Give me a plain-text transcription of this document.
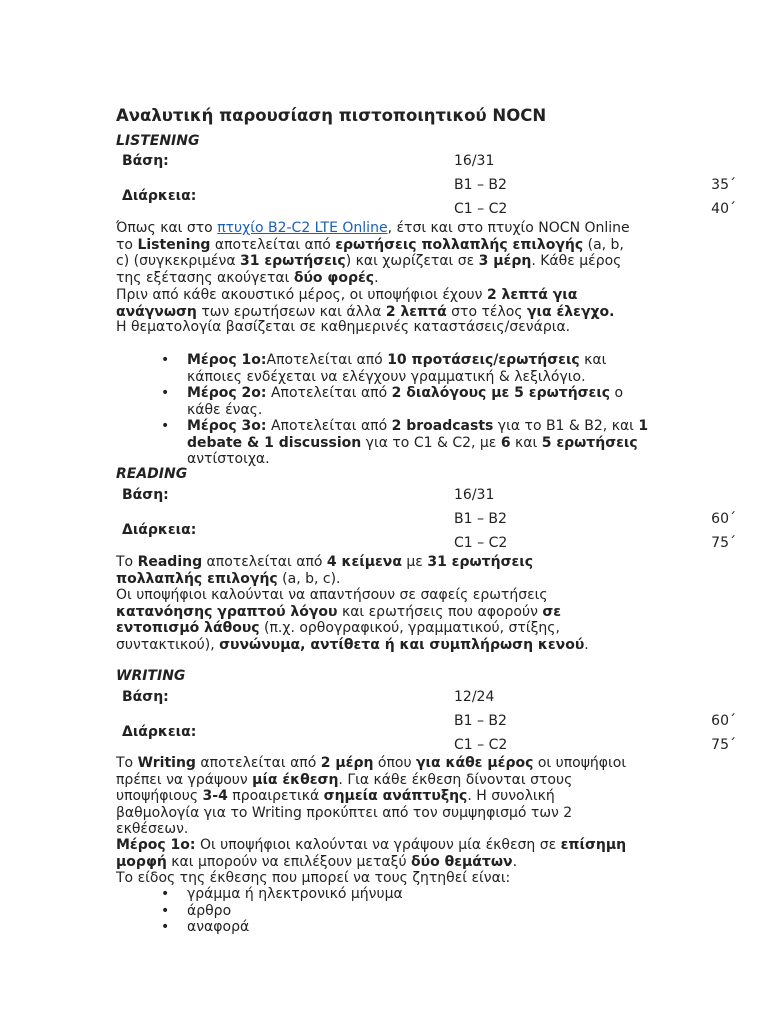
Αναλυτική παρουσίαση πιστοποιητικού NOCN
LISTENING
Βάση:	16/31
Διάρκεια:
B1 – B2	35΄
C1 – C2	40΄

Όπως και στο πτυχίο B2-C2 LTE Online, έτσι και στο πτυχίο NOCN Online το Listening αποτελείται από ερωτήσεις πολλαπλής επιλογής (a, b, c) (συγκεκριμένα 31 ερωτήσεις) και χωρίζεται σε 3 μέρη. Κάθε μέρος της εξέτασης ακούγεται δύο φορές.

Πριν από κάθε ακουστικό μέρος, οι υποψήφιοι έχουν 2 λεπτά για ανάγνωση των ερωτήσεων και άλλα 2 λεπτά στο τέλος για έλεγχο.

Η θεματολογία βασίζεται σε καθημερινές καταστάσεις/σενάρια.

• Μέρος 1ο:Αποτελείται από 10 προτάσεις/ερωτήσεις και κάποιες ενδέχεται να ελέγχουν γραμματική & λεξιλόγιο.
• Μέρος 2ο: Αποτελείται από 2 διαλόγους με 5 ερωτήσεις ο κάθε ένας.
• Μέρος 3ο: Αποτελείται από 2 broadcasts για το B1 & B2, και 1 debate & 1 discussion για το C1 & C2, με 6 και 5 ερωτήσεις αντίστοιχα.
READING
Βάση:	16/31
Διάρκεια:
B1 – B2	60΄
C1 – C2	75΄

Το Reading αποτελείται από 4 κείμενα με 31 ερωτήσεις πολλαπλής επιλογής (a, b, c).

Οι υποψήφιοι καλούνται να απαντήσουν σε σαφείς ερωτήσεις κατανόησης γραπτού λόγου και ερωτήσεις που αφορούν σε εντοπισμό λάθους (π.χ. ορθογραφικού, γραμματικού, στίξης, συντακτικού), συνώνυμα, αντίθετα ή και συμπλήρωση κενού.

WRITING
Βάση:	12/24
Διάρκεια:
B1 – B2	60΄
C1 – C2	75΄

Το Writing αποτελείται από 2 μέρη όπου για κάθε μέρος οι υποψήφιοι πρέπει να γράψουν μία έκθεση. Για κάθε έκθεση δίνονται στους υποψήφιους 3-4 προαιρετικά σημεία ανάπτυξης. Η συνολική βαθμολογία για το Writing προκύπτει από τον συμψηφισμό των 2 εκθέσεων.

Μέρος 1ο: Οι υποψήφιοι καλούνται να γράψουν μία έκθεση σε επίσημη μορφή και μπορούν να επιλέξουν μεταξύ δύο θεμάτων.

Το είδος της έκθεσης που μπορεί να τους ζητηθεί είναι:

• γράμμα ή ηλεκτρονικό μήνυμα
• άρθρο
• αναφορά
